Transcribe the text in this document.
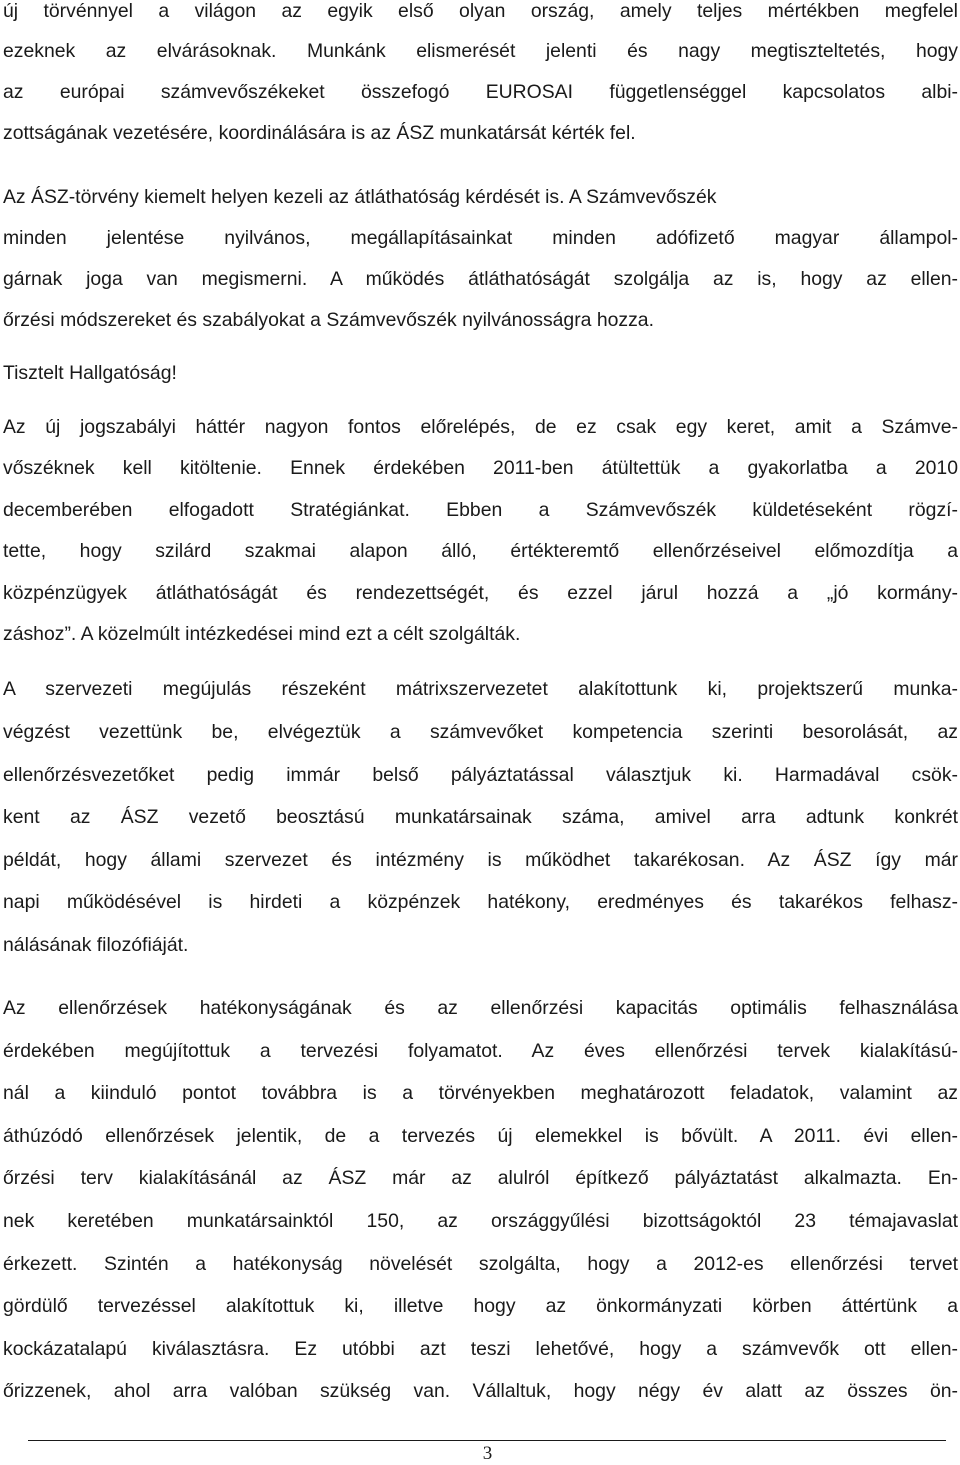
új törvénnyel a világon az egyik első olyan ország, amely teljes mértékben megfelel
ezeknek az elvárásoknak. Munkánk elismerését jelenti és nagy megtiszteltetés, hogy
az európai számvevőszékeket összefogó EUROSAI függetlenséggel kapcsolatos albi-
zottságának vezetésére, koordinálására is az ÁSZ munkatársát kérték fel.
Az ÁSZ-törvény kiemelt helyen kezeli az átláthatóság kérdését is. A Számvevőszék
minden jelentése nyilvános, megállapításainkat minden adófizető magyar állampol-
gárnak joga van megismerni. A működés átláthatóságát szolgálja az is, hogy az ellen-
őrzési módszereket és szabályokat a Számvevőszék nyilvánosságra hozza.
Tisztelt Hallgatóság!
Az új jogszabályi háttér nagyon fontos előrelépés, de ez csak egy keret, amit a Számve-
vőszéknek kell kitöltenie. Ennek érdekében 2011-ben átültettük a gyakorlatba a 2010
decemberében elfogadott Stratégiánkat. Ebben a Számvevőszék küldetéseként rögzí-
tette, hogy szilárd szakmai alapon álló, értékteremtő ellenőrzéseivel előmozdítja a
közpénzügyek átláthatóságát és rendezettségét, és ezzel járul hozzá a „jó kormány-
záshoz”. A közelmúlt intézkedései mind ezt a célt szolgálták.
A szervezeti megújulás részeként mátrixszervezetet alakítottunk ki, projektszerű munka-
végzést vezettünk be, elvégeztük a számvevőket kompetencia szerinti besorolását, az
ellenőrzésvezetőket pedig immár belső pályáztatással választjuk ki. Harmadával csök-
kent az ÁSZ vezető beosztású munkatársainak száma, amivel arra adtunk konkrét
példát, hogy állami szervezet és intézmény is működhet takarékosan. Az ÁSZ így már
napi működésével is hirdeti a közpénzek hatékony, eredményes és takarékos felhasz-
nálásának filozófiáját.
Az ellenőrzések hatékonyságának és az ellenőrzési kapacitás optimális felhasználása
érdekében megújítottuk a tervezési folyamatot. Az éves ellenőrzési tervek kialakítású-
nál a kiinduló pontot továbbra is a törvényekben meghatározott feladatok, valamint az
áthúzódó ellenőrzések jelentik, de a tervezés új elemekkel is bővült. A 2011. évi ellen-
őrzési terv kialakításánál az ÁSZ már az alulról építkező pályáztatást alkalmazta. En-
nek keretében munkatársainktól 150, az országgyűlési bizottságoktól 23 témajavaslat
érkezett. Szintén a hatékonyság növelését szolgálta, hogy a 2012-es ellenőrzési tervet
gördülő tervezéssel alakítottuk ki, illetve hogy az önkormányzati körben áttértünk a
kockázatalapú kiválasztásra. Ez utóbbi azt teszi lehetővé, hogy a számvevők ott ellen-
őrizzenek, ahol arra valóban szükség van. Vállaltuk, hogy négy év alatt az összes ön-
3
